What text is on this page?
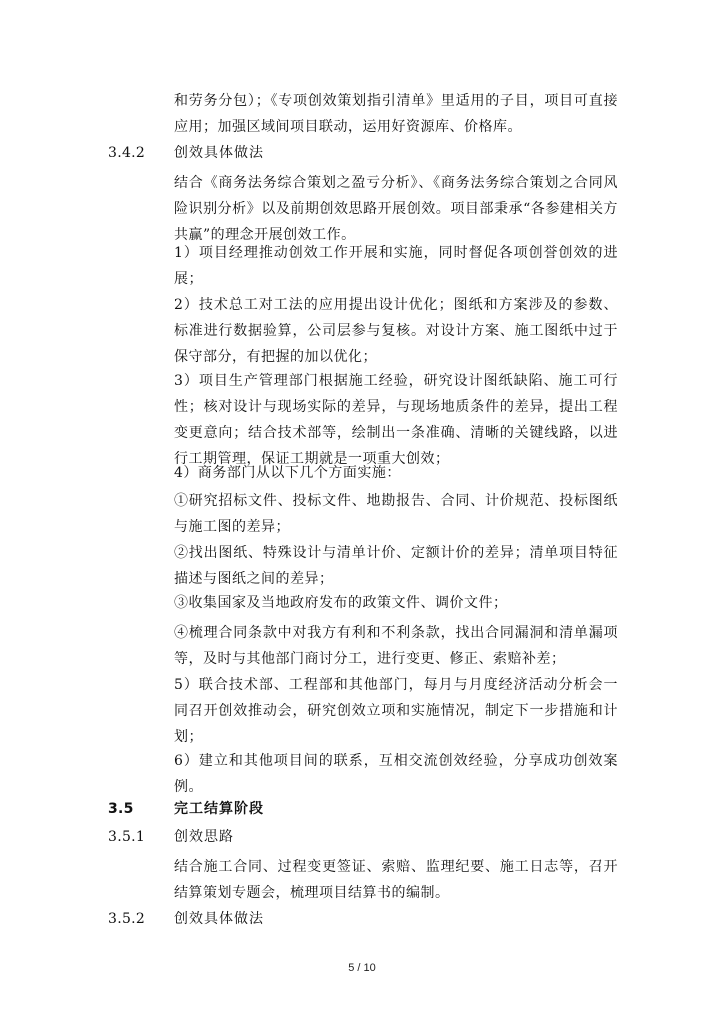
和劳务分包）；《专项创效策划指引清单》里适用的子目，项目可直接应用；加强区域间项目联动，运用好资源库、价格库。
3.4.2 创效具体做法
结合《商务法务综合策划之盈亏分析》、《商务法务综合策划之合同风险识别分析》以及前期创效思路开展创效。项目部秉承“各参建相关方共赢”的理念开展创效工作。
1）项目经理推动创效工作开展和实施，同时督促各项创誉创效的进展；
2）技术总工对工法的应用提出设计优化；图纸和方案涉及的参数、标准进行数据验算，公司层参与复核。对设计方案、施工图纸中过于保守部分，有把握的加以优化；
3）项目生产管理部门根据施工经验，研究设计图纸缺陷、施工可行性；核对设计与现场实际的差异，与现场地质条件的差异，提出工程变更意向；结合技术部等，绘制出一条准确、清晰的关键线路，以进行工期管理，保证工期就是一项重大创效；
4）商务部门从以下几个方面实施：
①研究招标文件、投标文件、地勘报告、合同、计价规范、投标图纸与施工图的差异；
②找出图纸、特殊设计与清单计价、定额计价的差异；清单项目特征描述与图纸之间的差异；
③收集国家及当地政府发布的政策文件、调价文件；
④梳理合同条款中对我方有利和不利条款，找出合同漏洞和清单漏项等，及时与其他部门商讨分工，进行变更、修正、索赔补差；
5）联合技术部、工程部和其他部门，每月与月度经济活动分析会一同召开创效推动会，研究创效立项和实施情况，制定下一步措施和计划；
6）建立和其他项目间的联系，互相交流创效经验，分享成功创效案例。
3.5	完工结算阶段
3.5.1 创效思路
结合施工合同、过程变更签证、索赔、监理纪要、施工日志等，召开结算策划专题会，梳理项目结算书的编制。
3.5.2 创效具体做法
5 / 10
